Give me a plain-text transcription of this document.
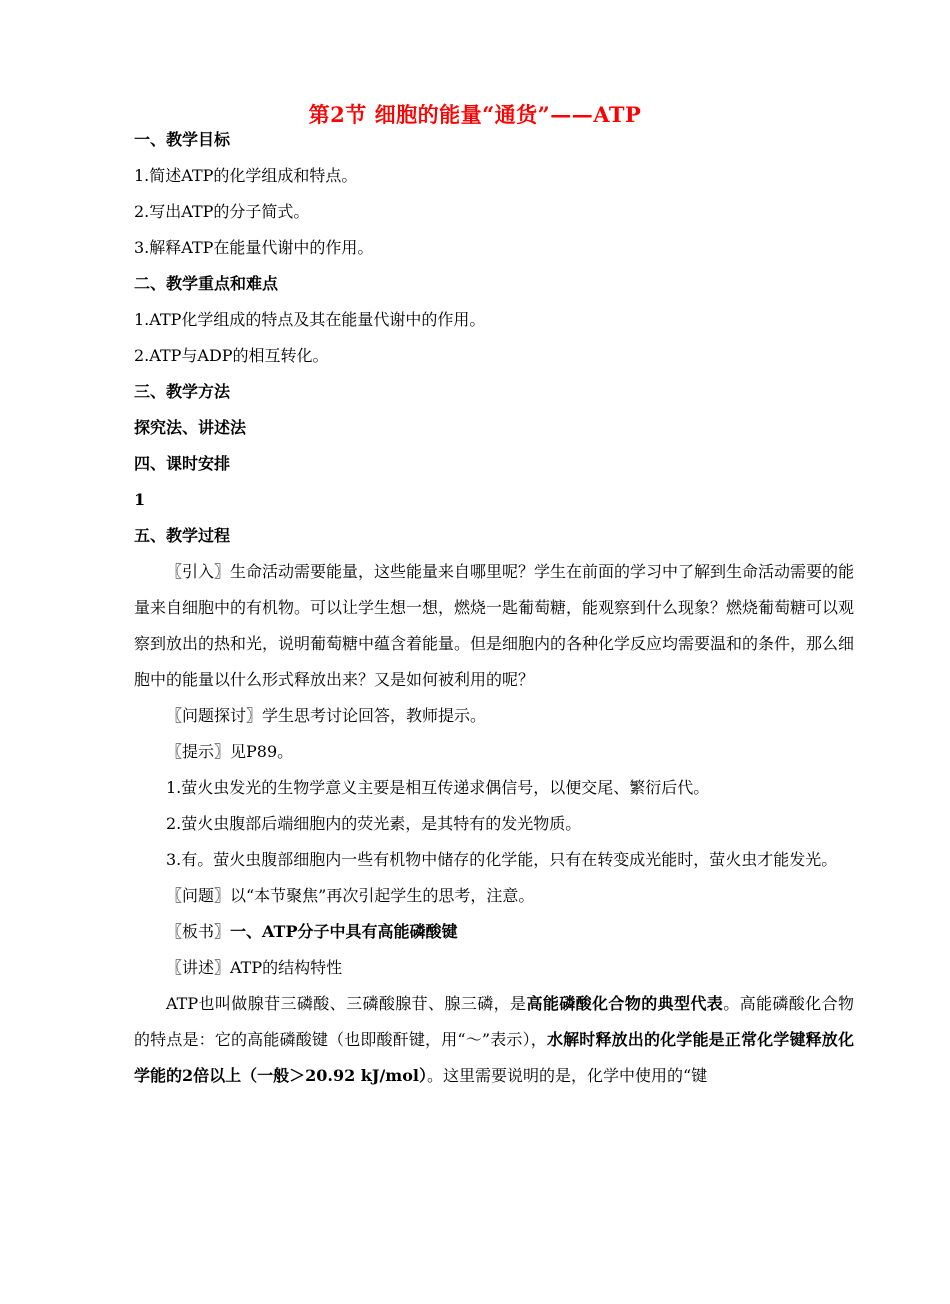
第2节 细胞的能量“通货”——ATP

一、教学目标

1.简述ATP的化学组成和特点。

2.写出ATP的分子简式。

3.解释ATP在能量代谢中的作用。

二、教学重点和难点

1.ATP化学组成的特点及其在能量代谢中的作用。

2.ATP与ADP的相互转化。

三、教学方法

探究法、讲述法

四、课时安排

1

五、教学过程

〖引入〗生命活动需要能量，这些能量来自哪里呢？学生在前面的学习中了解到生命活动需要的能量来自细胞中的有机物。可以让学生想一想，燃烧一匙葡萄糖，能观察到什么现象？燃烧葡萄糖可以观察到放出的热和光，说明葡萄糖中蕴含着能量。但是细胞内的各种化学反应均需要温和的条件，那么细胞中的能量以什么形式释放出来？又是如何被利用的呢？

〖问题探讨〗学生思考讨论回答，教师提示。

〖提示〗见P89。

1.萤火虫发光的生物学意义主要是相互传递求偶信号，以便交尾、繁衍后代。

2.萤火虫腹部后端细胞内的荧光素，是其特有的发光物质。

3.有。萤火虫腹部细胞内一些有机物中储存的化学能，只有在转变成光能时，萤火虫才能发光。

〖问题〗以“本节聚焦”再次引起学生的思考，注意。

〖板书〗一、ATP分子中具有高能磷酸键

〖讲述〗ATP的结构特性

ATP也叫做腺苷三磷酸、三磷酸腺苷、腺三磷，是高能磷酸化合物的典型代表。高能磷酸化合物的特点是：它的高能磷酸键（也即酸酐键，用“～”表示），水解时释放出的化学能是正常化学键释放化学能的2倍以上（一般＞20.92 kJ/mol）。这里需要说明的是，化学中使用的“键
